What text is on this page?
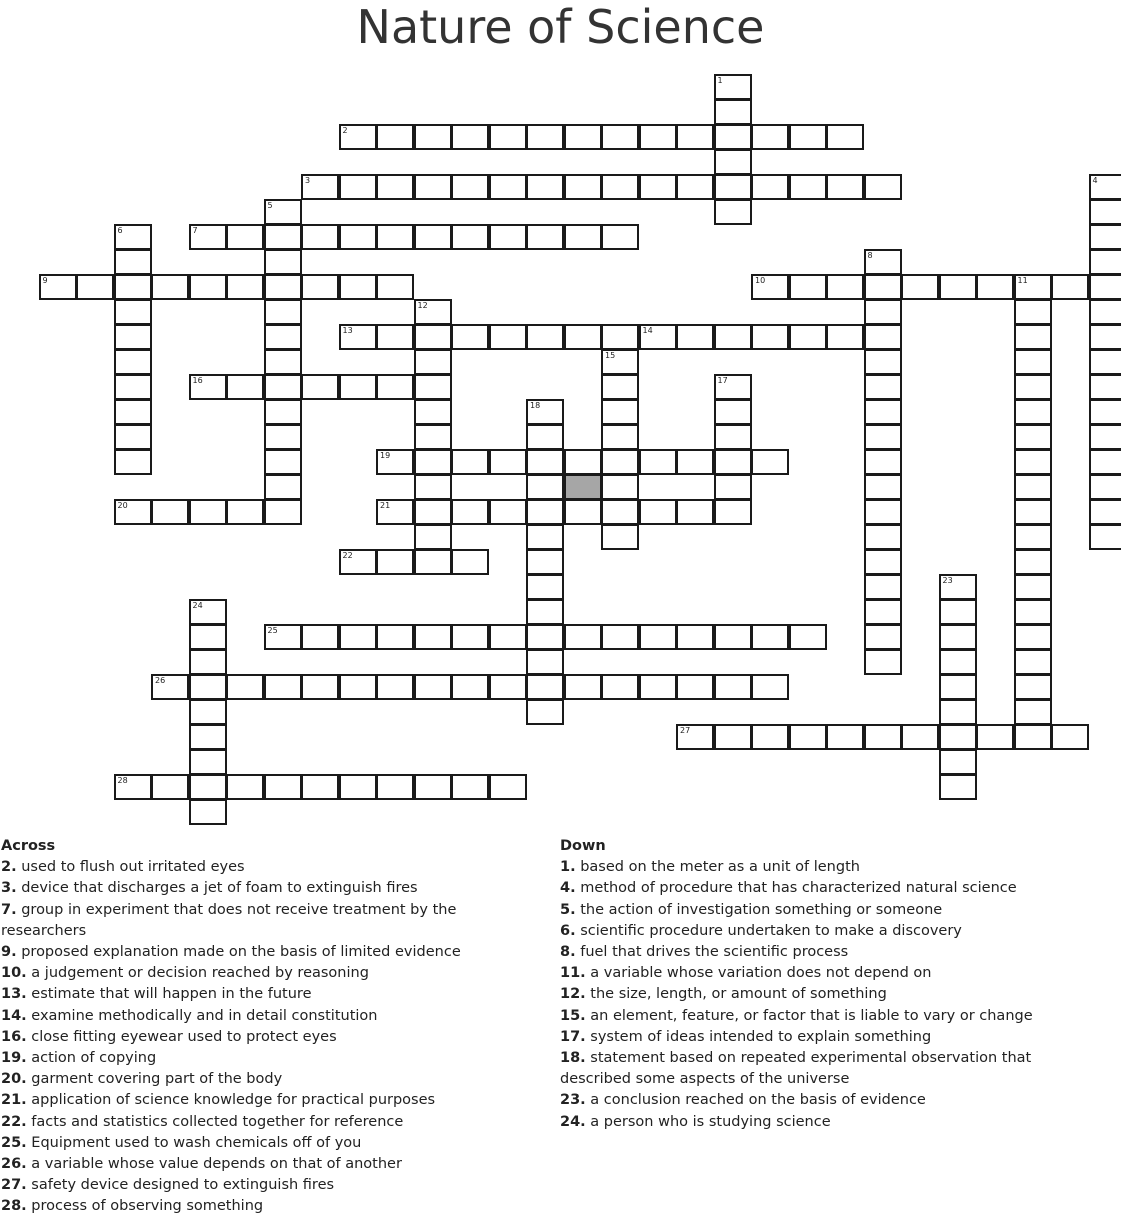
Nature of Science
1
2
3	4
5
6	7
8
9	10	11
12
13	14
15
16	17
18
19
20	21
22
23
24
25
26
27
28
Across
2. used to flush out irritated eyes
3. device that discharges a jet of foam to extinguish fires
7. group in experiment that does not receive treatment by the researchers
9. proposed explanation made on the basis of limited evidence
10. a judgement or decision reached by reasoning
13. estimate that will happen in the future
14. examine methodically and in detail constitution
16. close fitting eyewear used to protect eyes
19. action of copying
20. garment covering part of the body
21. application of science knowledge for practical purposes
22. facts and statistics collected together for reference
25. Equipment used to wash chemicals off of you
26. a variable whose value depends on that of another
27. safety device designed to extinguish fires
28. process of observing something
Down
1. based on the meter as a unit of length
4. method of procedure that has characterized natural science
5. the action of investigation something or someone
6. scientific procedure undertaken to make a discovery
8. fuel that drives the scientific process
11. a variable whose variation does not depend on
12. the size, length, or amount of something
15. an element, feature, or factor that is liable to vary or change
17. system of ideas intended to explain something
18. statement based on repeated experimental observation that described some aspects of the universe
23. a conclusion reached on the basis of evidence
24. a person who is studying science
